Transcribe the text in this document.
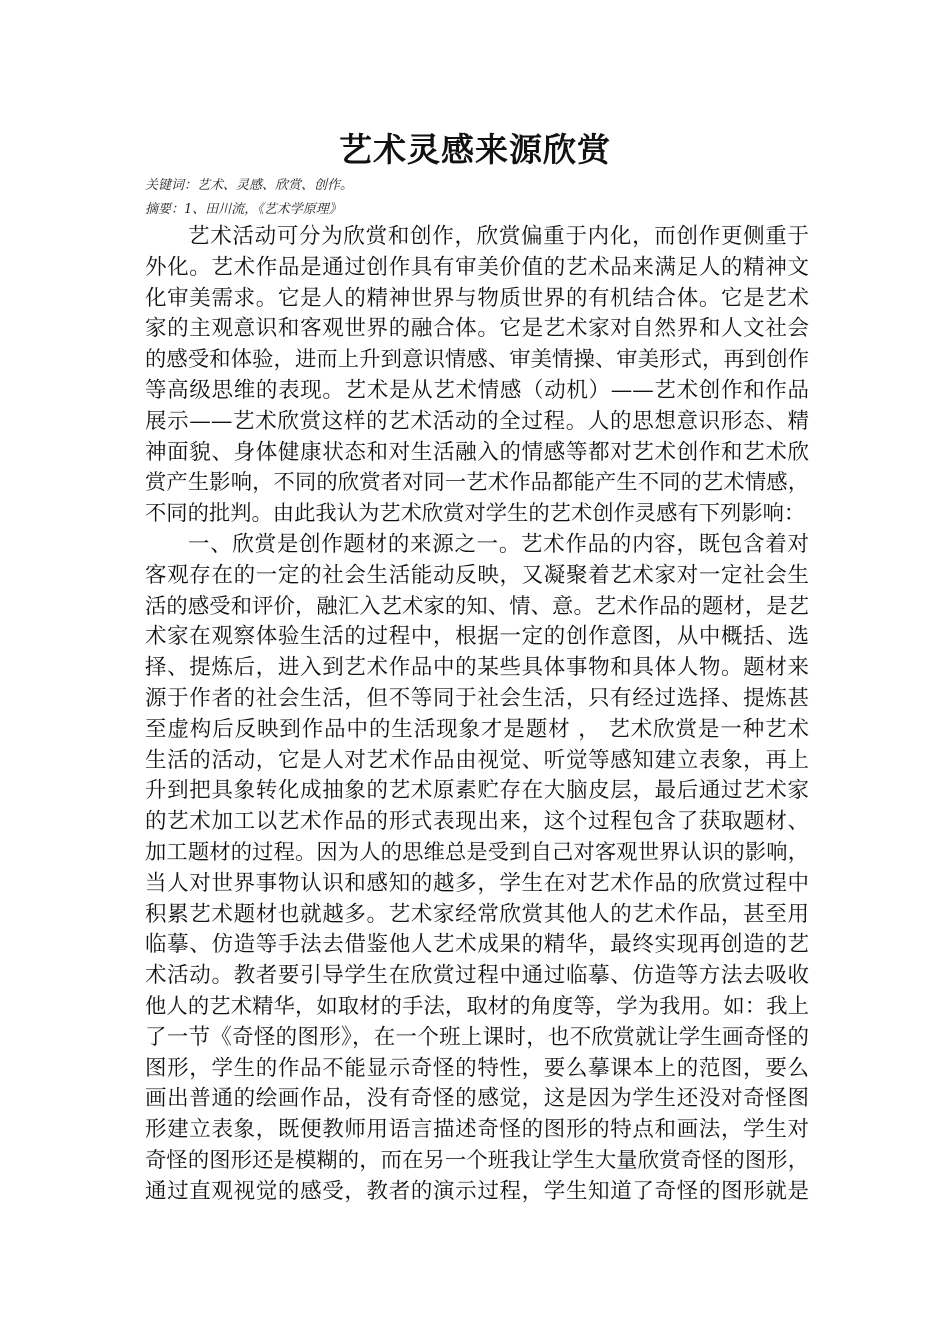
艺术灵感来源欣赏
关键词：艺术、灵感、欣赏、创作。
摘要：1、田川流，《艺术学原理》
艺术活动可分为欣赏和创作，欣赏偏重于内化，而创作更侧重于
外化。艺术作品是通过创作具有审美价值的艺术品来满足人的精神文
化审美需求。它是人的精神世界与物质世界的有机结合体。它是艺术
家的主观意识和客观世界的融合体。它是艺术家对自然界和人文社会
的感受和体验，进而上升到意识情感、审美情操、审美形式，再到创作
等高级思维的表现。艺术是从艺术情感（动机）——艺术创作和作品
展示——艺术欣赏这样的艺术活动的全过程。人的思想意识形态、精
神面貌、身体健康状态和对生活融入的情感等都对艺术创作和艺术欣
赏产生影响，不同的欣赏者对同一艺术作品都能产生不同的艺术情感，
不同的批判。由此我认为艺术欣赏对学生的艺术创作灵感有下列影响：
一、欣赏是创作题材的来源之一。艺术作品的内容，既包含着对
客观存在的一定的社会生活能动反映，又凝聚着艺术家对一定社会生
活的感受和评价，融汇入艺术家的知、情、意。艺术作品的题材，是艺
术家在观察体验生活的过程中，根据一定的创作意图，从中概括、选
择、提炼后，进入到艺术作品中的某些具体事物和具体人物。题材来
源于作者的社会生活，但不等同于社会生活，只有经过选择、提炼甚
至虚构后反映到作品中的生活现象才是题材 ， 艺术欣赏是一种艺术
生活的活动，它是人对艺术作品由视觉、听觉等感知建立表象，再上
升到把具象转化成抽象的艺术原素贮存在大脑皮层，最后通过艺术家
的艺术加工以艺术作品的形式表现出来，这个过程包含了获取题材、
加工题材的过程。因为人的思维总是受到自己对客观世界认识的影响，
当人对世界事物认识和感知的越多，学生在对艺术作品的欣赏过程中
积累艺术题材也就越多。艺术家经常欣赏其他人的艺术作品，甚至用
临摹、仿造等手法去借鉴他人艺术成果的精华，最终实现再创造的艺
术活动。教者要引导学生在欣赏过程中通过临摹、仿造等方法去吸收
他人的艺术精华，如取材的手法，取材的角度等，学为我用。如：我上
了一节《奇怪的图形》，在一个班上课时，也不欣赏就让学生画奇怪的
图形，学生的作品不能显示奇怪的特性，要么摹课本上的范图，要么
画出普通的绘画作品，没有奇怪的感觉，这是因为学生还没对奇怪图
形建立表象，既便教师用语言描述奇怪的图形的特点和画法，学生对
奇怪的图形还是模糊的，而在另一个班我让学生大量欣赏奇怪的图形，
通过直观视觉的感受，教者的演示过程，学生知道了奇怪的图形就是
